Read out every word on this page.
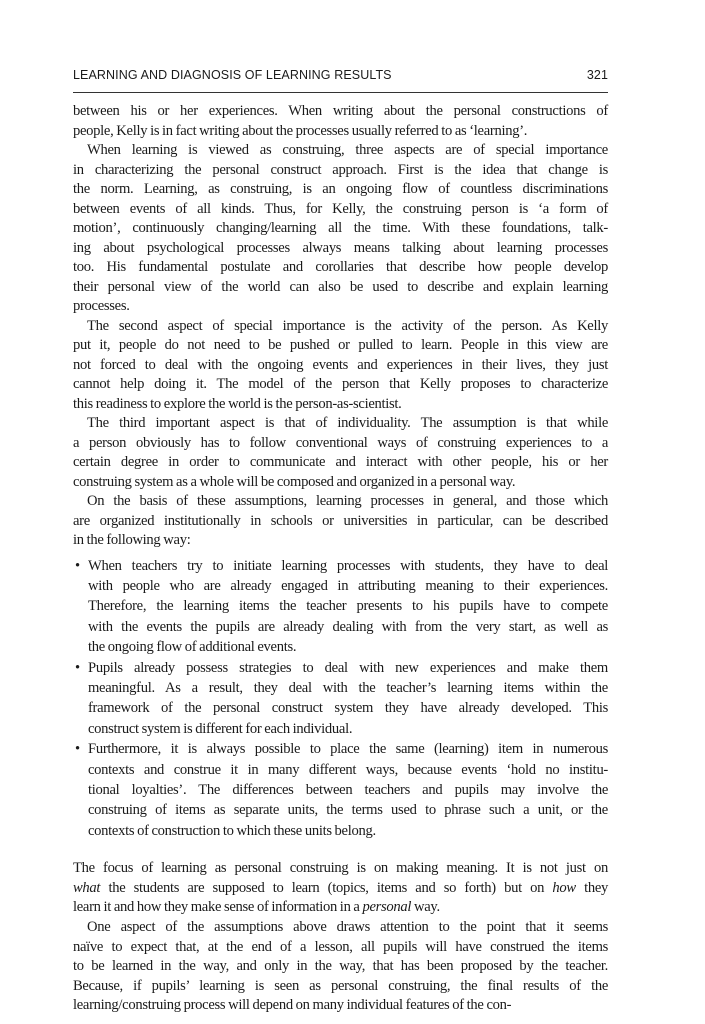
LEARNING AND DIAGNOSIS OF LEARNING RESULTS	321
between his or her experiences. When writing about the personal constructions of
people, Kelly is in fact writing about the processes usually referred to as ‘learning’.
When learning is viewed as construing, three aspects are of special importance
in characterizing the personal construct approach. First is the idea that change is
the norm. Learning, as construing, is an ongoing flow of countless discriminations
between events of all kinds. Thus, for Kelly, the construing person is ‘a form of
motion’, continuously changing/learning all the time. With these foundations, talk-
ing about psychological processes always means talking about learning processes
too. His fundamental postulate and corollaries that describe how people develop
their personal view of the world can also be used to describe and explain learning
processes.
The second aspect of special importance is the activity of the person. As Kelly
put it, people do not need to be pushed or pulled to learn. People in this view are
not forced to deal with the ongoing events and experiences in their lives, they just
cannot help doing it. The model of the person that Kelly proposes to characterize
this readiness to explore the world is the person-as-scientist.
The third important aspect is that of individuality. The assumption is that while
a person obviously has to follow conventional ways of construing experiences to a
certain degree in order to communicate and interact with other people, his or her
construing system as a whole will be composed and organized in a personal way.
On the basis of these assumptions, learning processes in general, and those which
are organized institutionally in schools or universities in particular, can be described
in the following way:
• When teachers try to initiate learning processes with students, they have to deal
with people who are already engaged in attributing meaning to their experiences.
Therefore, the learning items the teacher presents to his pupils have to compete
with the events the pupils are already dealing with from the very start, as well as
the ongoing flow of additional events.
• Pupils already possess strategies to deal with new experiences and make them
meaningful. As a result, they deal with the teacher’s learning items within the
framework of the personal construct system they have already developed. This
construct system is different for each individual.
• Furthermore, it is always possible to place the same (learning) item in numerous
contexts and construe it in many different ways, because events ‘hold no institu-
tional loyalties’. The differences between teachers and pupils may involve the
construing of items as separate units, the terms used to phrase such a unit, or the
contexts of construction to which these units belong.
The focus of learning as personal construing is on making meaning. It is not just on
what the students are supposed to learn (topics, items and so forth) but on how they
learn it and how they make sense of information in a personal way.
One aspect of the assumptions above draws attention to the point that it seems
naïve to expect that, at the end of a lesson, all pupils will have construed the items
to be learned in the way, and only in the way, that has been proposed by the teacher.
Because, if pupils’ learning is seen as personal construing, the final results of the
learning/construing process will depend on many individual features of the con-
